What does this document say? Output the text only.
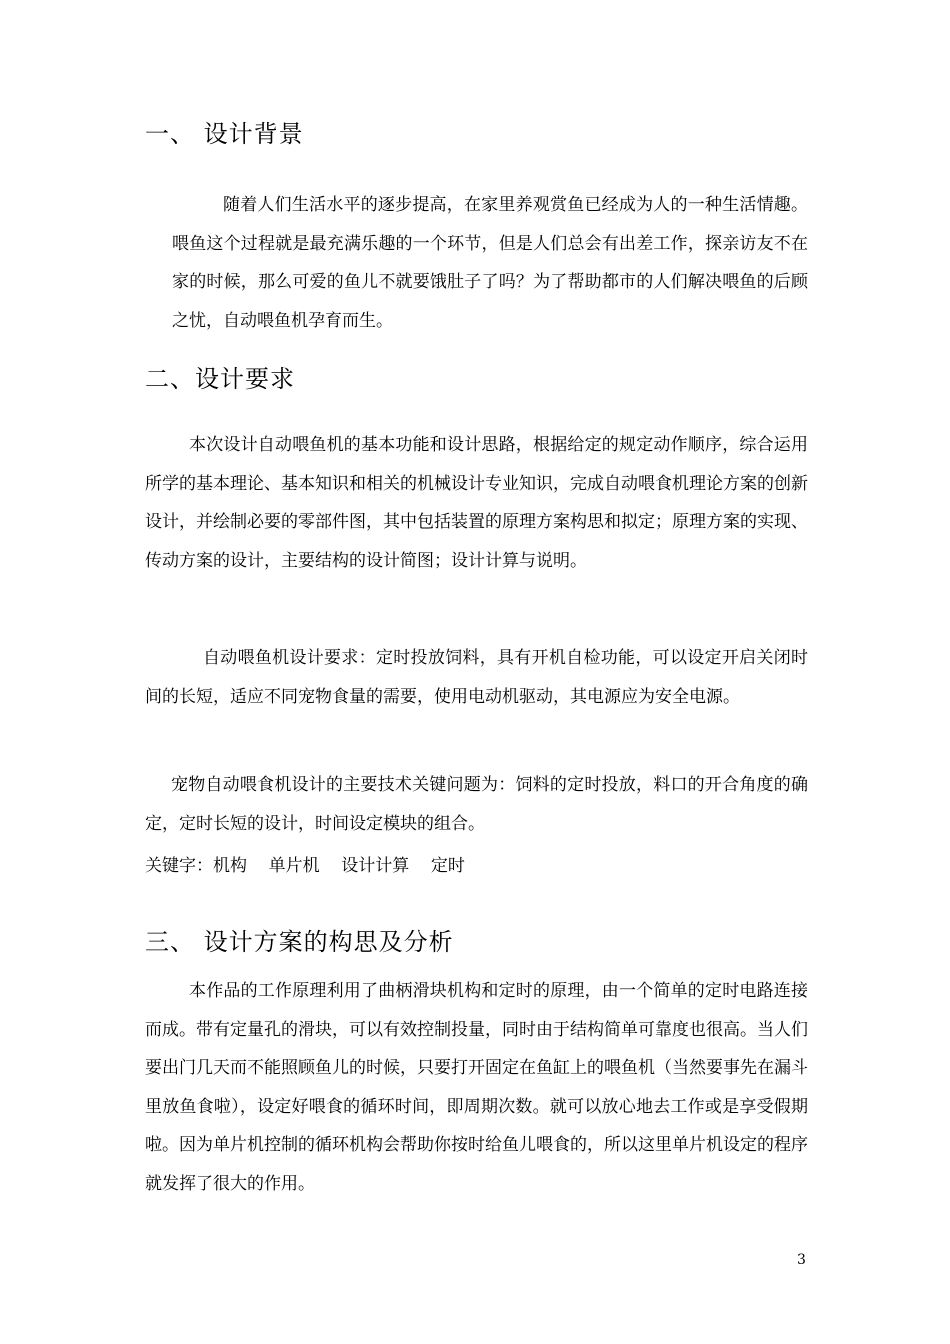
一、 设计背景
随着人们生活水平的逐步提高，在家里养观赏鱼已经成为人的一种生活情趣。喂鱼这个过程就是最充满乐趣的一个环节，但是人们总会有出差工作，探亲访友不在家的时候，那么可爱的鱼儿不就要饿肚子了吗？为了帮助都市的人们解决喂鱼的后顾之忧，自动喂鱼机孕育而生。
二、设计要求
本次设计自动喂鱼机的基本功能和设计思路，根据给定的规定动作顺序，综合运用所学的基本理论、基本知识和相关的机械设计专业知识，完成自动喂食机理论方案的创新设计，并绘制必要的零部件图，其中包括装置的原理方案构思和拟定；原理方案的实现、传动方案的设计，主要结构的设计简图；设计计算与说明。
自动喂鱼机设计要求：定时投放饲料，具有开机自检功能，可以设定开启关闭时间的长短，适应不同宠物食量的需要，使用电动机驱动，其电源应为安全电源。
宠物自动喂食机设计的主要技术关键问题为：饲料的定时投放，料口的开合角度的确定，定时长短的设计，时间设定模块的组合。
关键字：机构    单片机    设计计算    定时
三、 设计方案的构思及分析
本作品的工作原理利用了曲柄滑块机构和定时的原理，由一个简单的定时电路连接而成。带有定量孔的滑块，可以有效控制投量，同时由于结构简单可靠度也很高。当人们要出门几天而不能照顾鱼儿的时候，只要打开固定在鱼缸上的喂鱼机（当然要事先在漏斗里放鱼食啦），设定好喂食的循环时间，即周期次数。就可以放心地去工作或是享受假期啦。因为单片机控制的循环机构会帮助你按时给鱼儿喂食的，所以这里单片机设定的程序就发挥了很大的作用。
3
